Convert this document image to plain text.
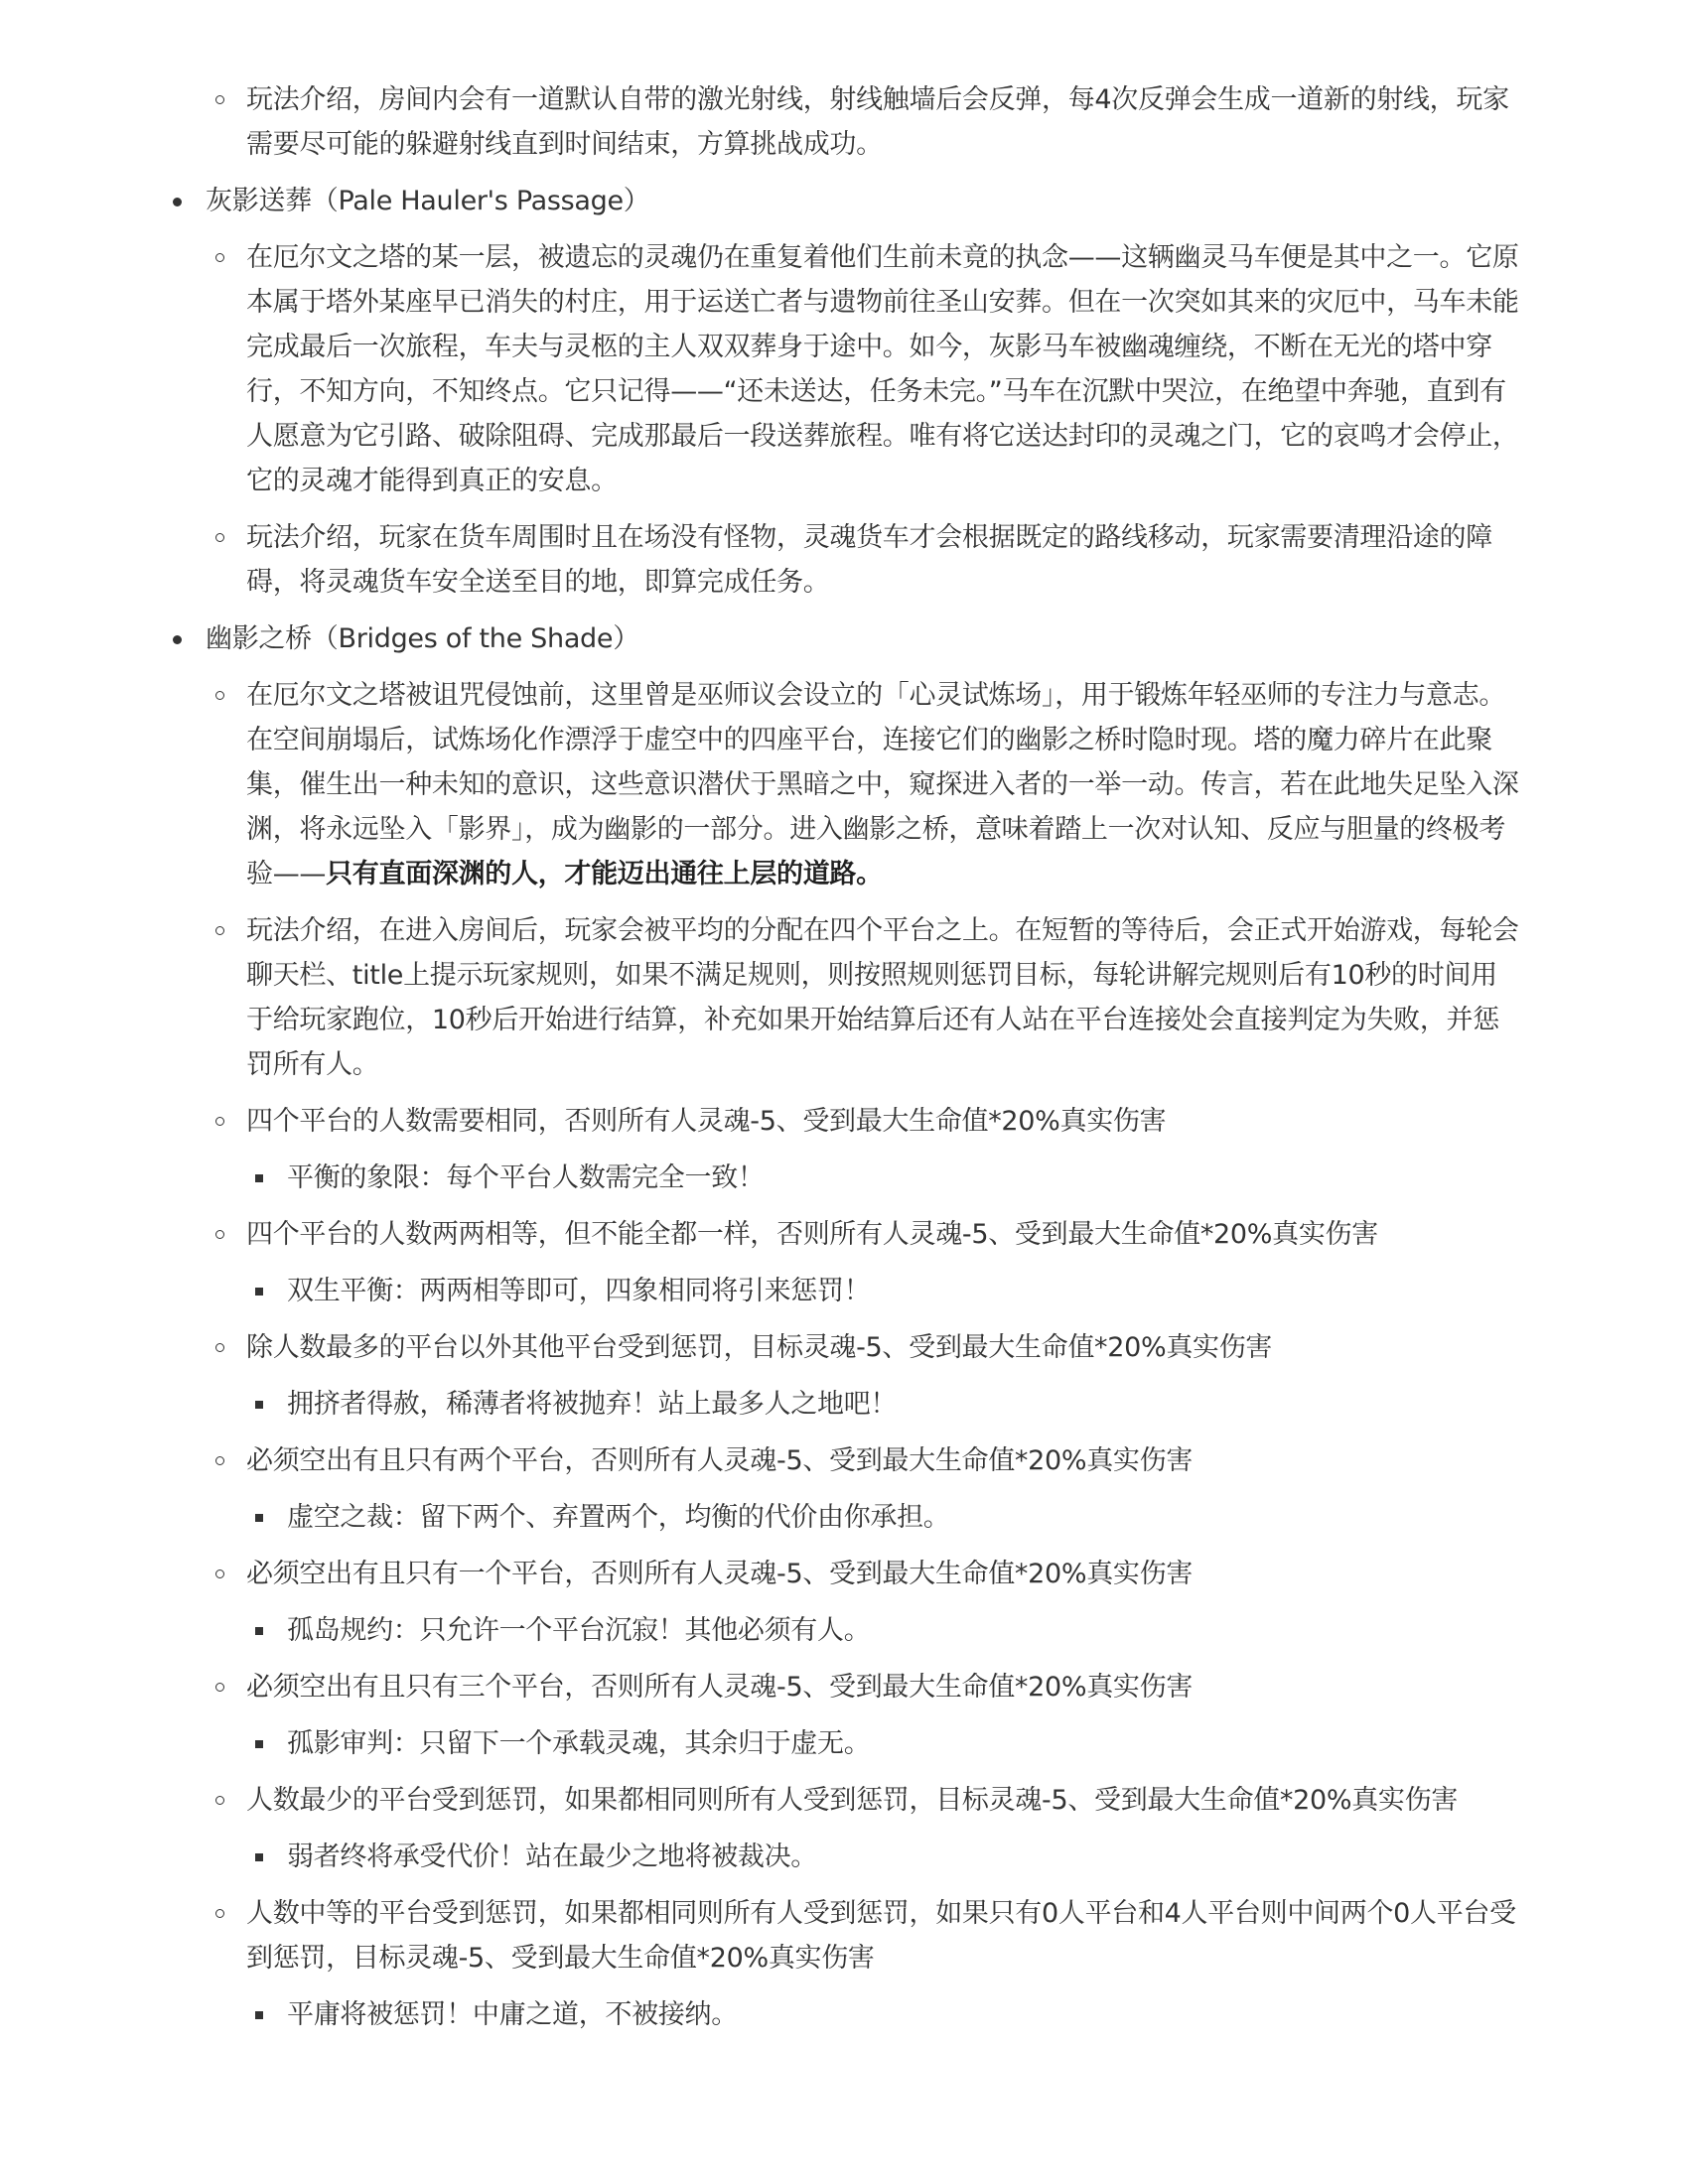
玩法介绍，房间内会有一道默认自带的激光射线，射线触墙后会反弹，每4次反弹会生成一道新的射线，玩家需要尽可能的躲避射线直到时间结束，方算挑战成功。
灰影送葬（Pale Hauler's Passage）
在厄尔文之塔的某一层，被遗忘的灵魂仍在重复着他们生前未竟的执念——这辆幽灵马车便是其中之一。它原本属于塔外某座早已消失的村庄，用于运送亡者与遗物前往圣山安葬。但在一次突如其来的灾厄中，马车未能完成最后一次旅程，车夫与灵柩的主人双双葬身于途中。如今，灰影马车被幽魂缠绕，不断在无光的塔中穿行，不知方向，不知终点。它只记得——“还未送达，任务未完。”马车在沉默中哭泣，在绝望中奔驰，直到有人愿意为它引路、破除阻碍、完成那最后一段送葬旅程。唯有将它送达封印的灵魂之门，它的哀鸣才会停止，它的灵魂才能得到真正的安息。
玩法介绍，玩家在货车周围时且在场没有怪物，灵魂货车才会根据既定的路线移动，玩家需要清理沿途的障碍，将灵魂货车安全送至目的地，即算完成任务。
幽影之桥（Bridges of the Shade）
在厄尔文之塔被诅咒侵蚀前，这里曾是巫师议会设立的「心灵试炼场」，用于锻炼年轻巫师的专注力与意志。在空间崩塌后，试炼场化作漂浮于虚空中的四座平台，连接它们的幽影之桥时隐时现。塔的魔力碎片在此聚集，催生出一种未知的意识，这些意识潜伏于黑暗之中，窥探进入者的一举一动。传言，若在此地失足坠入深渊，将永远坠入「影界」，成为幽影的一部分。进入幽影之桥，意味着踏上一次对认知、反应与胆量的终极考验——只有直面深渊的人，才能迈出通往上层的道路。
玩法介绍，在进入房间后，玩家会被平均的分配在四个平台之上。在短暂的等待后，会正式开始游戏，每轮会聊天栏、title上提示玩家规则，如果不满足规则，则按照规则惩罚目标，每轮讲解完规则后有10秒的时间用于给玩家跑位，10秒后开始进行结算，补充如果开始结算后还有人站在平台连接处会直接判定为失败，并惩罚所有人。
四个平台的人数需要相同，否则所有人灵魂-5、受到最大生命值*20%真实伤害
平衡的象限：每个平台人数需完全一致！
四个平台的人数两两相等，但不能全都一样，否则所有人灵魂-5、受到最大生命值*20%真实伤害
双生平衡：两两相等即可，四象相同将引来惩罚！
除人数最多的平台以外其他平台受到惩罚，目标灵魂-5、受到最大生命值*20%真实伤害
拥挤者得赦，稀薄者将被抛弃！站上最多人之地吧！
必须空出有且只有两个平台，否则所有人灵魂-5、受到最大生命值*20%真实伤害
虚空之裁：留下两个、弃置两个，均衡的代价由你承担。
必须空出有且只有一个平台，否则所有人灵魂-5、受到最大生命值*20%真实伤害
孤岛规约：只允许一个平台沉寂！其他必须有人。
必须空出有且只有三个平台，否则所有人灵魂-5、受到最大生命值*20%真实伤害
孤影审判：只留下一个承载灵魂，其余归于虚无。
人数最少的平台受到惩罚，如果都相同则所有人受到惩罚，目标灵魂-5、受到最大生命值*20%真实伤害
弱者终将承受代价！站在最少之地将被裁决。
人数中等的平台受到惩罚，如果都相同则所有人受到惩罚，如果只有0人平台和4人平台则中间两个0人平台受到惩罚，目标灵魂-5、受到最大生命值*20%真实伤害
平庸将被惩罚！中庸之道，不被接纳。
